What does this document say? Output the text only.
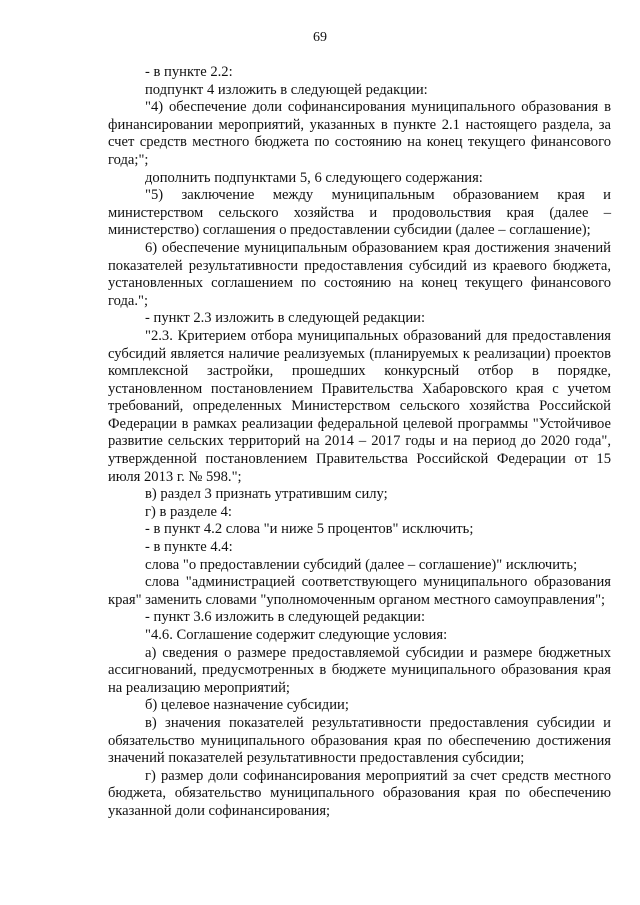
69

- в пункте 2.2:

подпункт 4 изложить в следующей редакции:

"4) обеспечение доли софинансирования муниципального образования в финансировании мероприятий, указанных в пункте 2.1 настоящего раздела, за счет средств местного бюджета по состоянию на конец текущего финансового года;";

дополнить подпунктами 5, 6 следующего содержания:

"5) заключение между муниципальным образованием края и министерством сельского хозяйства и продовольствия края (далее – министерство) соглашения о предоставлении субсидии (далее – соглашение);

6) обеспечение муниципальным образованием края достижения значений показателей результативности предоставления субсидий из краевого бюджета, установленных соглашением по состоянию на конец текущего финансового года.";

- пункт 2.3 изложить в следующей редакции:

"2.3. Критерием отбора муниципальных образований для предоставления субсидий является наличие реализуемых (планируемых к реализации) проектов комплексной застройки, прошедших конкурсный отбор в порядке, установленном постановлением Правительства Хабаровского края с учетом требований, определенных Министерством сельского хозяйства Российской Федерации в рамках реализации федеральной целевой программы "Устойчивое развитие сельских территорий на 2014 – 2017 годы и на период до 2020 года", утвержденной постановлением Правительства Российской Федерации от 15 июля 2013 г. № 598.";

в) раздел 3 признать утратившим силу;

г) в разделе 4:

- в пункт 4.2 слова "и ниже 5 процентов" исключить;

- в пункте 4.4:

слова "о предоставлении субсидий (далее – соглашение)" исключить;

слова "администрацией соответствующего муниципального образования края" заменить словами "уполномоченным органом местного самоуправления";

- пункт 3.6 изложить в следующей редакции:

"4.6. Соглашение содержит следующие условия:

а) сведения о размере предоставляемой субсидии и размере бюджетных ассигнований, предусмотренных в бюджете муниципального образования края на реализацию мероприятий;

б) целевое назначение субсидии;

в) значения показателей результативности предоставления субсидии и обязательство муниципального образования края по обеспечению достижения значений показателей результативности предоставления субсидии;

г) размер доли софинансирования мероприятий за счет средств местного бюджета, обязательство муниципального образования края по обеспечению указанной доли софинансирования;
